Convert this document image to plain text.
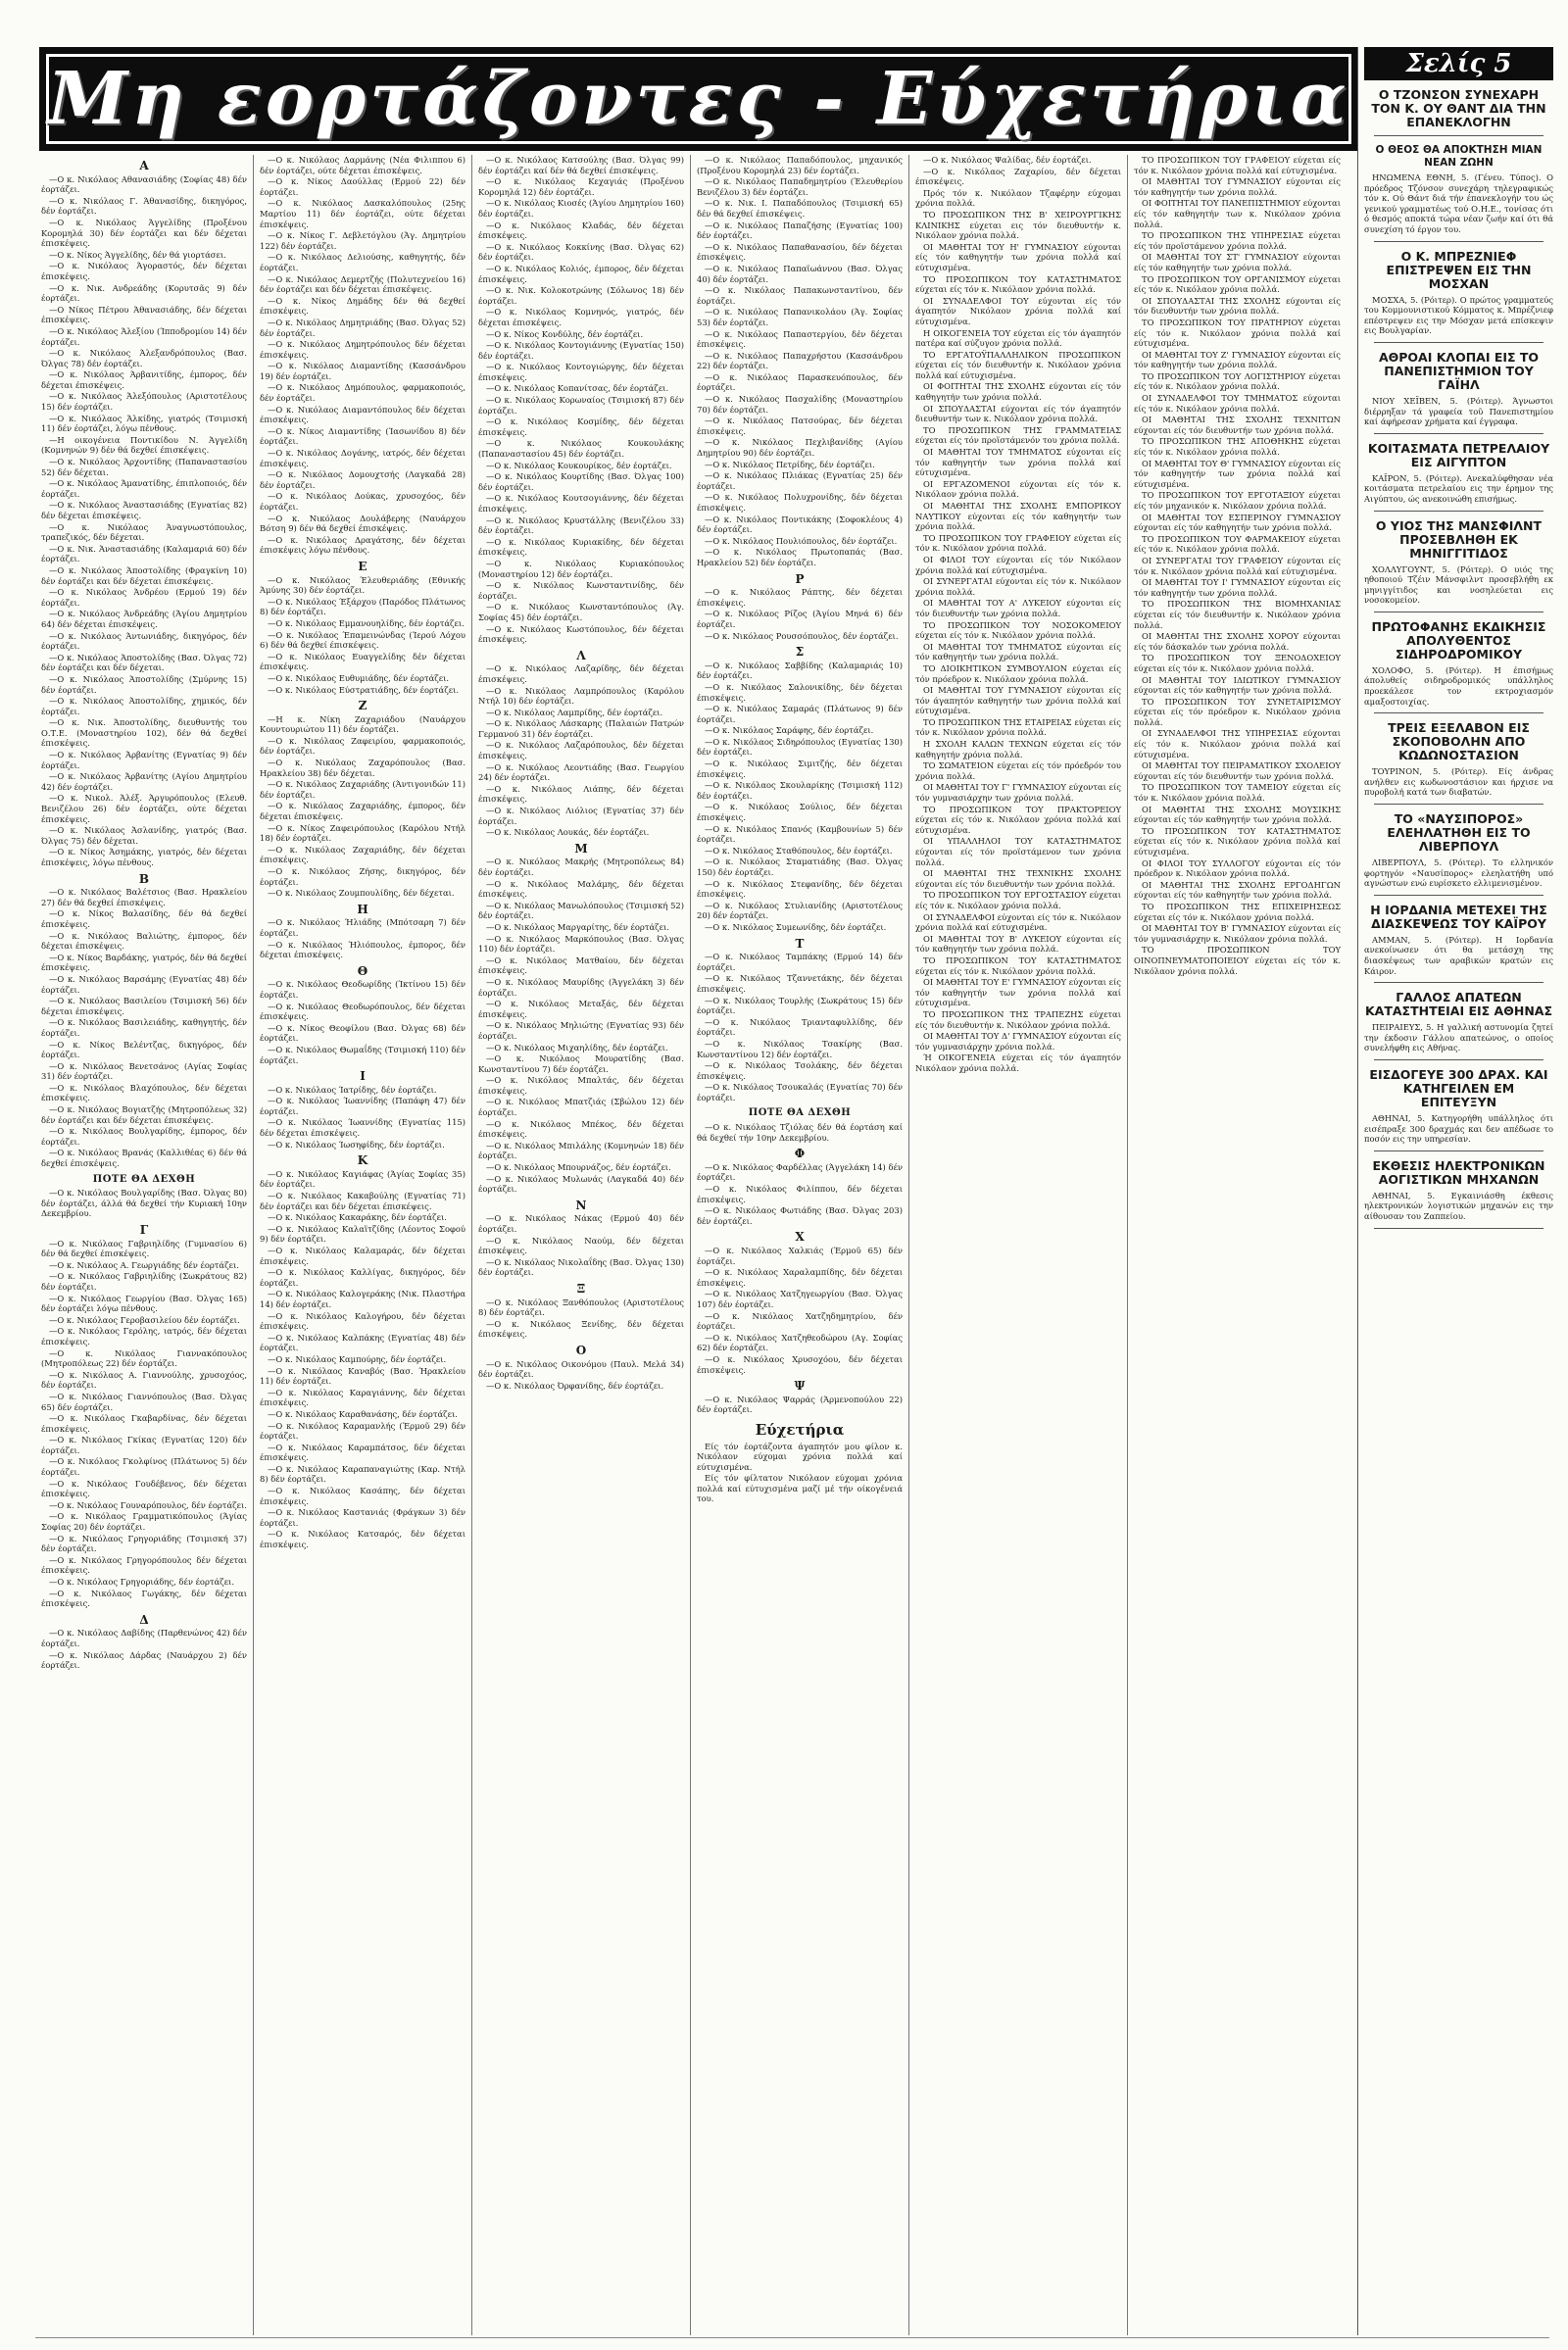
Μη εορτάζοντες - Εύχετήρια
Α
—Ο κ. Νικόλαος Αθανασιάδης (Σοφίας 48) δέν έορτάζει.
—Ο κ. Νικόλαος Γ. Άθανασίδης, δικηγόρος, δέν έορτάζει.
—Ο κ. Νικόλαος Άγγελίδης (Προξένου Κορομηλά 30) δέν έορτάζει και δέν δέχεται έπισκέψεις.
—Ο κ. Νίκος Άγγελίδης, δέν θά γιορτάσει.
—Ο κ. Νικόλαος Άγοραστός, δέν δέχεται έπισκέψεις.
—Ο κ. Νικ. Ανδρεάδης (Κορυτσᾶς 9) δέν έορτάζει.
—Ο Νίκος Πέτρου Άθανασιάδης, δέν δέχεται έπισκέψεις.
—Ο κ. Νικόλαος Άλεξίου (Ίπποδρομίου 14) δέν έορτάζει.
—Ο κ. Νικόλαος Άλεξανδρόπουλος (Βασ. Όλγας 78) δέν έορτάζει.
—Ο κ. Νικόλαος Άρβανιτίδης, έμπορος, δέν δέχεται έπισκέψεις.
—Ο κ. Νικόλαος Άλεξόπουλος (Αριστοτέλους 15) δέν έορτάζει.
—Ο κ. Νικόλαος Άλκίδης, γιατρός (Τσιμισκή 11) δέν έορτάζει, λόγω πένθους.
—Η οικογένεια Ποντικίδου Ν. Άγγελίδη (Κομνηνών 9) δέν θά δεχθεί έπισκέψεις.
—Ο κ. Νικόλαος Άρχοντίδης (Παπαναστασίου 52) δέν δέχεται.
—Ο κ. Νικόλαος Άμανατίδης, έπιπλοποιός, δέν έορτάζει.
—Ο κ. Νικόλαος Άναστασιάδης (Εγνατίας 82) δέν δέχεται έπισκέψεις.
—Ο κ. Νικόλαος Άναγνωστόπουλος, τραπεζικός, δέν δέχεται.
—Ο κ. Νικ. Άναστασιάδης (Καλαμαριά 60) δέν έορτάζει.
—Ο κ. Νικόλαος Άποστολίδης (Φραγκίνη 10) δέν έορτάζει και δέν δέχεται έπισκέψεις.
—Ο κ. Νικόλαος Άνδρέου (Ερμού 19) δέν έορτάζει.
—Ο κ. Νικόλαος Άνδρεάδης (Άγίου Δημητρίου 64) δέν δέχεται έπισκέψεις.
—Ο κ. Νικόλαος Άντωνιάδης, δικηγόρος, δέν έορτάζει.
—Ο κ. Νικόλαος Άποστολίδης (Βασ. Όλγας 72) δέν έορτάζει και δέν δέχεται.
—Ο κ. Νικόλαος Άποστολίδης (Σμύρνης 15) δέν έορτάζει.
—Ο κ. Νικόλαος Άποστολίδης, χημικός, δέν έορτάζει.
—Ο κ. Νικ. Άποστολίδης, διευθυντής του Ο.Τ.Ε. (Μοναστηρίου 102), δέν θά δεχθεί έπισκέψεις.
—Ο κ. Νικόλαος Άρβανίτης (Εγνατίας 9) δέν έορτάζει.
—Ο κ. Νικόλαος Άρβανίτης (Αγίου Δημητρίου 42) δέν έορτάζει.
—Ο κ. Νικολ. Άλέξ. Άργυρόπουλος (Ελευθ. Βενιζέλου 26) δέν έορτάζει, ούτε δέχεται έπισκέψεις.
—Ο κ. Νικόλαος Άσλανίδης, γιατρός (Βασ. Όλγας 75) δέν δέχεται.
—Ο κ. Νίκος Άσημάκης, γιατρός, δέν δέχεται έπισκέψεις, λόγω πένθους.
Β
—Ο κ. Νικόλαος Βαλέτσιος (Βασ. Ηρακλείου 27) δέν θά δεχθεί έπισκέψεις.
—Ο κ. Νίκος Βαλασίδης, δέν θά δεχθεί έπισκέψεις.
—Ο κ. Νικόλαος Βαλιώτης, έμπορος, δέν δέχεται έπισκέψεις.
—Ο κ. Νίκος Βαρδάκης, γιατρός, δέν θά δεχθεί έπισκέψεις.
—Ο κ. Νικόλαος Βαρσάμης (Εγνατίας 48) δέν έορτάζει.
—Ο κ. Νικόλαος Βασιλείου (Τσιμισκή 56) δέν δέχεται έπισκέψεις.
—Ο κ. Νικόλαος Βασιλειάδης, καθηγητής, δέν έορτάζει.
—Ο κ. Νίκος Βελέντζας, δικηγόρος, δέν έορτάζει.
—Ο κ. Νικόλαος Βενετσάνος (Αγίας Σοφίας 31) δέν έορτάζει.
—Ο κ. Νικόλαος Βλαχόπουλος, δέν δέχεται έπισκέψεις.
—Ο κ. Νικόλαος Βογιατζής (Μητροπόλεως 32) δέν έορτάζει και δέν δέχεται έπισκέψεις.
—Ο κ. Νικόλαος Βουλγαρίδης, έμπορος, δέν έορτάζει.
—Ο κ. Νικόλαος Βρανάς (Καλλιθέας 6) δέν θά δεχθεί έπισκέψεις.
ΠΟΤΕ ΘΑ ΔΕΧΘΗ
—Ο κ. Νικόλαος Βουλγαρίδης (Βασ. Όλγας 80) δέν έορτάζει, άλλά θά δεχθεί τήν Κυριακή 10ην Δεκεμβρίου.
Γ
—Ο κ. Νικόλαος Γαβριηλίδης (Γυμνασίου 6) δέν θά δεχθεί έπισκέψεις.
—Ο κ. Νικόλαος Α. Γεωργιάδης δέν έορτάζει.
—Ο κ. Νικόλαος Γαβριηλίδης (Σωκράτους 82) δέν έορτάζει.
—Ο κ. Νικόλαος Γεωργίου (Βασ. Όλγας 165) δέν έορτάζει λόγω πένθους.
—Ο κ. Νικόλαος Γεροβασιλείου δέν έορτάζει.
—Ο κ. Νικόλαος Γερόλης, ιατρός, δέν δέχεται έπισκέψεις.
—Ο κ. Νικόλαος Γιαννακόπουλος (Μητροπόλεως 22) δέν έορτάζει.
—Ο κ. Νικόλαος Α. Γιαννούλης, χρυσοχόος, δέν έορτάζει.
—Ο κ. Νικόλαος Γιαννόπουλος (Βασ. Όλγας 65) δέν έορτάζει.
—Ο κ. Νικόλαος Γκαβαρδίνας, δέν δέχεται έπισκέψεις.
—Ο κ. Νικόλαος Γκίκας (Εγνατίας 120) δέν έορτάζει.
—Ο κ. Νικόλαος Γκολφίνος (Πλάτωνος 5) δέν έορτάζει.
—Ο κ. Νικόλαος Γουδέβενος, δέν δέχεται έπισκέψεις.
—Ο κ. Νικόλαος Γουναρόπουλος, δέν έορτάζει.
—Ο κ. Νικόλαος Γραμματικόπουλος (Άγίας Σοφίας 20) δέν έορτάζει.
—Ο κ. Νικόλαος Γρηγοριάδης (Τσιμισκή 37) δέν έορτάζει.
—Ο κ. Νικόλαος Γρηγορόπουλος δέν δέχεται έπισκέψεις.
—Ο κ. Νικόλαος Γρηγοριάδης, δέν έορτάζει.
—Ο κ. Νικόλαος Γωγάκης, δέν δέχεται έπισκέψεις.
Δ
—Ο κ. Νικόλαος Δαβίδης (Παρθενώνος 42) δέν έορτάζει.
—Ο κ. Νικόλαος Δάρδας (Ναυάρχου 2) δέν έορτάζει.
—Ο κ. Νικόλαος Δαρμάνης (Νέα Φιλιππου 6) δέν έορτάζει, ούτε δέχεται έπισκέψεις.
—Ο κ. Νίκος Δαούλλας (Ερμού 22) δέν έορτάζει.
—Ο κ. Νικόλαος Δασκαλόπουλος (25ης Μαρτίου 11) δέν έορτάζει, ούτε δέχεται έπισκέψεις.
—Ο κ. Νίκος Γ. Δεβλετόγλου (Άγ. Δημητρίου 122) δέν έορτάζει.
—Ο κ. Νικόλαος Δελιούσης, καθηγητής, δέν έορτάζει.
—Ο κ. Νικόλαος Δεμερτζής (Πολυτεχνείου 16) δέν έορτάζει και δέν δέχεται έπισκέψεις.
—Ο κ. Νίκος Δημάδης δέν θά δεχθεί έπισκέψεις.
—Ο κ. Νικόλαος Δημητριάδης (Βασ. Όλγας 52) δέν έορτάζει.
—Ο κ. Νικόλαος Δημητρόπουλος δέν δέχεται έπισκέψεις.
—Ο κ. Νικόλαος Διαμαντίδης (Κασσάνδρου 19) δέν έορτάζει.
—Ο κ. Νικόλαος Δημόπουλος, φαρμακοποιός, δέν έορτάζει.
—Ο κ. Νικόλαος Διαμαντόπουλος δέν δέχεται έπισκέψεις.
—Ο κ. Νίκος Διαμαντίδης (Ίασωνίδου 8) δέν έορτάζει.
—Ο κ. Νικόλαος Δογάνης, ιατρός, δέν δέχεται έπισκέψεις.
—Ο κ. Νικόλαος Δομουχτσής (Λαγκαδά 28) δέν έορτάζει.
—Ο κ. Νικόλαος Δούκας, χρυσοχόος, δέν έορτάζει.
—Ο κ. Νικόλαος Δουλάβερης (Ναυάρχου Βότση 9) δέν θά δεχθεί έπισκέψεις.
—Ο κ. Νικόλαος Δραγάτσης, δέν δέχεται έπισκέψεις λόγω πένθους.
Ε
—Ο κ. Νικόλαος Έλευθεριάδης (Εθνικής Άμύνης 30) δέν έορτάζει.
—Ο κ. Νικόλαος Έξάρχου (Παρόδος Πλάτωνος 8) δέν έορτάζει.
—Ο κ. Νικόλαος Εμμανουηλίδης, δέν έορτάζει.
—Ο κ. Νικόλαος Έπαμεινώνδας (Ίερού Λόχου 6) δέν θά δεχθεί έπισκέψεις.
—Ο κ. Νικόλαος Ευαγγελίδης δέν δέχεται έπισκέψεις.
—Ο κ. Νικόλαος Ευθυμιάδης, δέν έορτάζει.
—Ο κ. Νικόλαος Εύστρατιάδης, δέν έορτάζει.
Ζ
—Η κ. Νίκη Ζαχαριάδου (Ναυάρχου Κουντουριώτου 11) δέν έορτάζει.
—Ο κ. Νικόλαος Ζαφειρίου, φαρμακοποιός, δέν έορτάζει.
—Ο κ. Νικόλαος Ζαχαρόπουλος (Βασ. Ηρακλείου 38) δέν δέχεται.
—Ο κ. Νικόλαος Ζαχαριάδης (Άντιγονιδών 11) δέν έορτάζει.
—Ο κ. Νικόλαος Ζαχαριάδης, έμπορος, δέν δέχεται έπισκέψεις.
—Ο κ. Νίκος Ζαφειρόπουλος (Καρόλου Ντήλ 18) δέν έορτάζει.
—Ο κ. Νικόλαος Ζαχαριάδης, δέν δέχεται έπισκέψεις.
—Ο κ. Νικόλαος Ζήσης, δικηγόρος, δέν έορτάζει.
—Ο κ. Νικόλαος Ζουμπουλίδης, δέν δέχεται.
Η
—Ο κ. Νικόλαος Ήλιάδης (Μπότσαρη 7) δέν έορτάζει.
—Ο κ. Νικόλαος Ήλιόπουλος, έμπορος, δέν δέχεται έπισκέψεις.
Θ
—Ο κ. Νικόλαος Θεοδωρίδης (Ίκτίνου 15) δέν έορτάζει.
—Ο κ. Νικόλαος Θεοδωρόπουλος, δέν δέχεται έπισκέψεις.
—Ο κ. Νίκος Θεοφίλου (Βασ. Όλγας 68) δέν έορτάζει.
—Ο κ. Νικόλαος Θωμαΐδης (Τσιμισκή 110) δέν έορτάζει.
Ι
—Ο κ. Νικόλαος Ίατρίδης, δέν έορτάζει.
—Ο κ. Νικόλαος Ίωαννίδης (Παπάφη 47) δέν έορτάζει.
—Ο κ. Νικόλαος Ίωαννίδης (Εγνατίας 115) δέν δέχεται έπισκέψεις.
—Ο κ. Νικόλαος Ίωσηφίδης, δέν έορτάζει.
Κ
—Ο κ. Νικόλαος Καγιάφας (Άγίας Σοφίας 35) δέν έορτάζει.
—Ο κ. Νικόλαος Κακαβούλης (Εγνατίας 71) δέν έορτάζει και δέν δέχεται έπισκέψεις.
—Ο κ. Νικόλαος Κακαράκης, δέν έορτάζει.
—Ο κ. Νικόλαος Καλαϊτζίδης (Λέοντος Σοφού 9) δέν έορτάζει.
—Ο κ. Νικόλαος Καλαμαράς, δέν δέχεται έπισκέψεις.
—Ο κ. Νικόλαος Καλλίγας, δικηγόρος, δέν έορτάζει.
—Ο κ. Νικόλαος Καλογεράκης (Νικ. Πλαστήρα 14) δέν έορτάζει.
—Ο κ. Νικόλαος Καλογήρου, δέν δέχεται έπισκέψεις.
—Ο κ. Νικόλαος Καλπάκης (Εγνατίας 48) δέν έορτάζει.
—Ο κ. Νικόλαος Καμπούρης, δέν έορτάζει.
—Ο κ. Νικόλαος Καναβός (Βασ. Ήρακλείου 11) δέν έορτάζει.
—Ο κ. Νικόλαος Καραγιάννης, δέν δέχεται έπισκέψεις.
—Ο κ. Νικόλαος Καραθανάσης, δέν έορτάζει.
—Ο κ. Νικόλαος Καραμανλής (Έρμοῦ 29) δέν έορτάζει.
—Ο κ. Νικόλαος Καραμπάτσος, δέν δέχεται έπισκέψεις.
—Ο κ. Νικόλαος Καραπαναγιώτης (Καρ. Ντήλ 8) δέν έορτάζει.
—Ο κ. Νικόλαος Κασάπης, δέν δέχεται έπισκέψεις.
—Ο κ. Νικόλαος Καστανιάς (Φράγκων 3) δέν έορτάζει.
—Ο κ. Νικόλαος Κατσαρός, δέν δέχεται έπισκέψεις.
—Ο κ. Νικόλαος Κατσούλης (Βασ. Όλγας 99) δέν έορτάζει καί δέν θά δεχθεί έπισκέψεις.
—Ο κ. Νικόλαος Κεχαγιάς (Προξένου Κορομηλά 12) δέν έορτάζει.
—Ο κ. Νικόλαος Κιοσές (Άγίου Δημητρίου 160) δέν έορτάζει.
—Ο κ. Νικόλαος Κλαδάς, δέν δέχεται έπισκέψεις.
—Ο κ. Νικόλαος Κοκκίνης (Βασ. Όλγας 62) δέν έορτάζει.
—Ο κ. Νικόλαος Κολιός, έμπορος, δέν δέχεται έπισκέψεις.
—Ο κ. Νικ. Κολοκοτρώνης (Σόλωνος 18) δέν έορτάζει.
—Ο κ. Νικόλαος Κομνηνός, γιατρός, δέν δέχεται έπισκέψεις.
—Ο κ. Νίκος Κονδύλης, δέν έορτάζει.
—Ο κ. Νικόλαος Κοντογιάννης (Εγνατίας 150) δέν έορτάζει.
—Ο κ. Νικόλαος Κοντογιώργης, δέν δέχεται έπισκέψεις.
—Ο κ. Νικόλαος Κοπανίτσας, δέν έορτάζει.
—Ο κ. Νικόλαος Κορωναίος (Τσιμισκή 87) δέν έορτάζει.
—Ο κ. Νικόλαος Κοσμίδης, δέν δέχεται έπισκέψεις.
—Ο κ. Νικόλαος Κουκουλάκης (Παπαναστασίου 45) δέν έορτάζει.
—Ο κ. Νικόλαος Κουκουρίκος, δέν έορτάζει.
—Ο κ. Νικόλαος Κουρτίδης (Βασ. Όλγας 100) δέν έορτάζει.
—Ο κ. Νικόλαος Κουτσογιάννης, δέν δέχεται έπισκέψεις.
—Ο κ. Νικόλαος Κρυστάλλης (Βενιζέλου 33) δέν έορτάζει.
—Ο κ. Νικόλαος Κυριακίδης, δέν δέχεται έπισκέψεις.
—Ο κ. Νικόλαος Κυριακόπουλος (Μοναστηρίου 12) δέν έορτάζει.
—Ο κ. Νικόλαος Κωνσταντινίδης, δέν έορτάζει.
—Ο κ. Νικόλαος Κωνσταντόπουλος (Άγ. Σοφίας 45) δέν έορτάζει.
—Ο κ. Νικόλαος Κωστόπουλος, δέν δέχεται έπισκέψεις.
Λ
—Ο κ. Νικόλαος Λαζαρίδης, δέν δέχεται έπισκέψεις.
—Ο κ. Νικόλαος Λαμπρόπουλος (Καρόλου Ντήλ 10) δέν έορτάζει.
—Ο κ. Νικόλαος Λαμπρίδης, δέν έορτάζει.
—Ο κ. Νικόλαος Λάσκαρης (Παλαιών Πατρών Γερμανού 31) δέν έορτάζει.
—Ο κ. Νικόλαος Λαζαρόπουλος, δέν δέχεται έπισκέψεις.
—Ο κ. Νικόλαος Λεοντιάδης (Βασ. Γεωργίου 24) δέν έορτάζει.
—Ο κ. Νικόλαος Λιάπης, δέν δέχεται έπισκέψεις.
—Ο κ. Νικόλαος Λιόλιος (Εγνατίας 37) δέν έορτάζει.
—Ο κ. Νικόλαος Λουκάς, δέν έορτάζει.
Μ
—Ο κ. Νικόλαος Μακρής (Μητροπόλεως 84) δέν έορτάζει.
—Ο κ. Νικόλαος Μαλάμης, δέν δέχεται έπισκέψεις.
—Ο κ. Νικόλαος Μανωλόπουλος (Τσιμισκή 52) δέν έορτάζει.
—Ο κ. Νικόλαος Μαργαρίτης, δέν έορτάζει.
—Ο κ. Νικόλαος Μαρκόπουλος (Βασ. Όλγας 110) δέν έορτάζει.
—Ο κ. Νικόλαος Ματθαίου, δέν δέχεται έπισκέψεις.
—Ο κ. Νικόλαος Μαυρίδης (Άγγελάκη 3) δέν έορτάζει.
—Ο κ. Νικόλαος Μεταξάς, δέν δέχεται έπισκέψεις.
—Ο κ. Νικόλαος Μηλιώτης (Εγνατίας 93) δέν έορτάζει.
—Ο κ. Νικόλαος Μιχαηλίδης, δέν έορτάζει.
—Ο κ. Νικόλαος Μουρατίδης (Βασ. Κωνσταντίνου 7) δέν έορτάζει.
—Ο κ. Νικόλαος Μπαλτάς, δέν δέχεται έπισκέψεις.
—Ο κ. Νικόλαος Μπατζιάς (Σβώλου 12) δέν έορτάζει.
—Ο κ. Νικόλαος Μπέκος, δέν δέχεται έπισκέψεις.
—Ο κ. Νικόλαος Μπιλάλης (Κομνηνών 18) δέν έορτάζει.
—Ο κ. Νικόλαος Μπουρνάζος, δέν έορτάζει.
—Ο κ. Νικόλαος Μυλωνάς (Λαγκαδά 40) δέν έορτάζει.
Ν
—Ο κ. Νικόλαος Νάκας (Ερμού 40) δέν έορτάζει.
—Ο κ. Νικόλαος Ναούμ, δέν δέχεται έπισκέψεις.
—Ο κ. Νικόλαος Νικολαΐδης (Βασ. Όλγας 130) δέν έορτάζει.
Ξ
—Ο κ. Νικόλαος Ξανθόπουλος (Αριστοτέλους 8) δέν έορτάζει.
—Ο κ. Νικόλαος Ξενίδης, δέν δέχεται έπισκέψεις.
Ο
—Ο κ. Νικόλαος Οικονόμου (Παυλ. Μελά 34) δέν έορτάζει.
—Ο κ. Νικόλαος Όρφανίδης, δέν έορτάζει.
—Ο κ. Νικόλαος Παπαδόπουλος, μηχανικός (Προξένου Κορομηλά 23) δέν έορτάζει.
—Ο κ. Νικόλαος Παπαδημητρίου (Έλευθερίου Βενιζέλου 3) δέν έορτάζει.
—Ο κ. Νικ. Ι. Παπαδόπουλος (Τσιμισκή 65) δέν θά δεχθεί έπισκέψεις.
—Ο κ. Νικόλαος Παπαζήσης (Εγνατίας 100) δέν έορτάζει.
—Ο κ. Νικόλαος Παπαθανασίου, δέν δέχεται έπισκέψεις.
—Ο κ. Νικόλαος Παπαϊωάννου (Βασ. Όλγας 40) δέν έορτάζει.
—Ο κ. Νικόλαος Παπακωνσταντίνου, δέν έορτάζει.
—Ο κ. Νικόλαος Παπανικολάου (Άγ. Σοφίας 53) δέν έορτάζει.
—Ο κ. Νικόλαος Παπαστεργίου, δέν δέχεται έπισκέψεις.
—Ο κ. Νικόλαος Παπαχρήστου (Κασσάνδρου 22) δέν έορτάζει.
—Ο κ. Νικόλαος Παρασκευόπουλος, δέν έορτάζει.
—Ο κ. Νικόλαος Πασχαλίδης (Μοναστηρίου 70) δέν έορτάζει.
—Ο κ. Νικόλαος Πατσούρας, δέν δέχεται έπισκέψεις.
—Ο κ. Νικόλαος Πεχλιβανίδης (Αγίου Δημητρίου 90) δέν έορτάζει.
—Ο κ. Νικόλαος Πετρίδης, δέν έορτάζει.
—Ο κ. Νικόλαος Πλιάκας (Εγνατίας 25) δέν έορτάζει.
—Ο κ. Νικόλαος Πολυχρονίδης, δέν δέχεται έπισκέψεις.
—Ο κ. Νικόλαος Ποντικάκης (Σοφοκλέους 4) δέν έορτάζει.
—Ο κ. Νικόλαος Πουλιόπουλος, δέν έορτάζει.
—Ο κ. Νικόλαος Πρωτοπαπάς (Βασ. Ηρακλείου 52) δέν έορτάζει.
Ρ
—Ο κ. Νικόλαος Ράπτης, δέν δέχεται έπισκέψεις.
—Ο κ. Νικόλαος Ρίζος (Άγίου Μηνά 6) δέν έορτάζει.
—Ο κ. Νικόλαος Ρουσσόπουλος, δέν έορτάζει.
Σ
—Ο κ. Νικόλαος Σαββίδης (Καλαμαριάς 10) δέν έορτάζει.
—Ο κ. Νικόλαος Σαλονικίδης, δέν δέχεται έπισκέψεις.
—Ο κ. Νικόλαος Σαμαράς (Πλάτωνος 9) δέν έορτάζει.
—Ο κ. Νικόλαος Σαράφης, δέν έορτάζει.
—Ο κ. Νικόλαος Σιδηρόπουλος (Εγνατίας 130) δέν έορτάζει.
—Ο κ. Νικόλαος Σιμιτζής, δέν δέχεται έπισκέψεις.
—Ο κ. Νικόλαος Σκουλαρίκης (Τσιμισκή 112) δέν έορτάζει.
—Ο κ. Νικόλαος Σούλιος, δέν δέχεται έπισκέψεις.
—Ο κ. Νικόλαος Σπανός (Καμβουνίων 5) δέν έορτάζει.
—Ο κ. Νικόλαος Σταθόπουλος, δέν έορτάζει.
—Ο κ. Νικόλαος Σταματιάδης (Βασ. Όλγας 150) δέν έορτάζει.
—Ο κ. Νικόλαος Στεφανίδης, δέν δέχεται έπισκέψεις.
—Ο κ. Νικόλαος Στυλιανίδης (Αριστοτέλους 20) δέν έορτάζει.
—Ο κ. Νικόλαος Συμεωνίδης, δέν έορτάζει.
Τ
—Ο κ. Νικόλαος Ταμπάκης (Ερμού 14) δέν έορτάζει.
—Ο κ. Νικόλαος Τζαννετάκης, δέν δέχεται έπισκέψεις.
—Ο κ. Νικόλαος Τουρλής (Σωκράτους 15) δέν έορτάζει.
—Ο κ. Νικόλαος Τριανταφυλλίδης, δέν έορτάζει.
—Ο κ. Νικόλαος Τσακίρης (Βασ. Κωνσταντίνου 12) δέν έορτάζει.
—Ο κ. Νικόλαος Τσολάκης, δέν δέχεται έπισκέψεις.
—Ο κ. Νικόλαος Τσουκαλάς (Εγνατίας 70) δέν έορτάζει.
ΠΟΤΕ ΘΑ ΔΕΧΘΗ
—Ο κ. Νικόλαος Τζιόλας δέν θά έορτάση καί θά δεχθεί τήν 10ην Δεκεμβρίου.
Φ
—Ο κ. Νικόλαος Φαρδέλλας (Άγγελάκη 14) δέν έορτάζει.
—Ο κ. Νικόλαος Φιλίππου, δέν δέχεται έπισκέψεις.
—Ο κ. Νικόλαος Φωτιάδης (Βασ. Όλγας 203) δέν έορτάζει.
Χ
—Ο κ. Νικόλαος Χαλκιάς (Έρμοῦ 65) δέν έορτάζει.
—Ο κ. Νικόλαος Χαραλαμπίδης, δέν δέχεται έπισκέψεις.
—Ο κ. Νικόλαος Χατζηγεωργίου (Βασ. Όλγας 107) δέν έορτάζει.
—Ο κ. Νικόλαος Χατζηδημητρίου, δέν έορτάζει.
—Ο κ. Νικόλαος Χατζηθεοδώρου (Αγ. Σοφίας 62) δέν έορτάζει.
—Ο κ. Νικόλαος Χρυσοχόου, δέν δέχεται έπισκέψεις.
Ψ
—Ο κ. Νικόλαος Ψαρράς (Άρμενοπούλου 22) δέν έορτάζει.
Εύχετήρια
Είς τόν έορτάζοντα άγαπητόν μου φίλον κ. Νικόλαον εύχομαι χρόνια πολλά καί εύτυχισμένα.
Είς τόν φίλτατον Νικόλαον εύχομαι χρόνια πολλά καί εύτυχισμένα μαζί μέ τήν οίκογένειά του.
—Ο κ. Νικόλαος Ψαλίδας, δέν έορτάζει.
—Ο κ. Νικόλαος Ζαχαρίου, δέν δέχεται έπισκέψεις.
Πρός τόν κ. Νικόλαον Τζαφέρην εύχομαι χρόνια πολλά.
ΤΟ ΠΡΟΣΩΠΙΚΟΝ ΤΗΣ Β' ΧΕΙΡΟΥΡΓΙΚΗΣ ΚΛΙΝΙΚΗΣ εύχεται εις τόν διευθυντήν κ. Νικόλαον χρόνια πολλά.
ΟΙ ΜΑΘΗΤΑΙ ΤΟΥ Η' ΓΥΜΝΑΣΙΟΥ εύχονται είς τόν καθηγητήν των χρόνια πολλά καί εύτυχισμένα.
ΤΟ ΠΡΟΣΩΠΙΚΟΝ ΤΟΥ ΚΑΤΑΣΤΗΜΑΤΟΣ εύχεται είς τόν κ. Νικόλαον χρόνια πολλά.
ΟΙ ΣΥΝΑΔΕΛΦΟΙ ΤΟΥ εύχονται είς τόν άγαπητόν Νικόλαον χρόνια πολλά καί εύτυχισμένα.
Η ΟΙΚΟΓΕΝΕΙΑ ΤΟΥ εύχεται είς τόν άγαπητόν πατέρα καί σύζυγον χρόνια πολλά.
ΤΟ ΕΡΓΑΤΟΫΠΑΛΛΗΛΙΚΟΝ ΠΡΟΣΩΠΙΚΟΝ εύχεται είς τόν διευθυντήν κ. Νικόλαον χρόνια πολλά καί εύτυχισμένα.
ΟΙ ΦΟΙΤΗΤΑΙ ΤΗΣ ΣΧΟΛΗΣ εύχονται είς τόν καθηγητήν των χρόνια πολλά.
ΟΙ ΣΠΟΥΔΑΣΤΑΙ εύχονται είς τόν άγαπητόν διευθυντήν των κ. Νικόλαον χρόνια πολλά.
ΤΟ ΠΡΟΣΩΠΙΚΟΝ ΤΗΣ ΓΡΑΜΜΑΤΕΙΑΣ εύχεται είς τόν προϊστάμενόν του χρόνια πολλά.
ΟΙ ΜΑΘΗΤΑΙ ΤΟΥ ΤΜΗΜΑΤΟΣ εύχονται είς τόν καθηγητήν των χρόνια πολλά καί εύτυχισμένα.
ΟΙ ΕΡΓΑΖΟΜΕΝΟΙ εύχονται είς τόν κ. Νικόλαον χρόνια πολλά.
ΟΙ ΜΑΘΗΤΑΙ ΤΗΣ ΣΧΟΛΗΣ ΕΜΠΟΡΙΚΟΥ ΝΑΥΤΙΚΟΥ εύχονται είς τόν καθηγητήν των χρόνια πολλά.
ΤΟ ΠΡΟΣΩΠΙΚΟΝ ΤΟΥ ΓΡΑΦΕΙΟΥ εύχεται είς τόν κ. Νικόλαον χρόνια πολλά.
ΟΙ ΦΙΛΟΙ ΤΟΥ εύχονται είς τόν Νικόλαον χρόνια πολλά καί εύτυχισμένα.
ΟΙ ΣΥΝΕΡΓΑΤΑΙ εύχονται είς τόν κ. Νικόλαον χρόνια πολλά.
ΟΙ ΜΑΘΗΤΑΙ ΤΟΥ Α' ΛΥΚΕΙΟΥ εύχονται είς τόν διευθυντήν των χρόνια πολλά.
ΤΟ ΠΡΟΣΩΠΙΚΟΝ ΤΟΥ ΝΟΣΟΚΟΜΕΙΟΥ εύχεται είς τόν κ. Νικόλαον χρόνια πολλά.
ΟΙ ΜΑΘΗΤΑΙ ΤΟΥ ΤΜΗΜΑΤΟΣ εύχονται είς τόν καθηγητήν των χρόνια πολλά.
ΤΟ ΔΙΟΙΚΗΤΙΚΟΝ ΣΥΜΒΟΥΛΙΟΝ εύχεται είς τόν πρόεδρον κ. Νικόλαον χρόνια πολλά.
ΟΙ ΜΑΘΗΤΑΙ ΤΟΥ ΓΥΜΝΑΣΙΟΥ εύχονται είς τόν άγαπητόν καθηγητήν των χρόνια πολλά καί εύτυχισμένα.
ΤΟ ΠΡΟΣΩΠΙΚΟΝ ΤΗΣ ΕΤΑΙΡΕΙΑΣ εύχεται είς τόν κ. Νικόλαον χρόνια πολλά.
Η ΣΧΟΛΗ ΚΑΛΩΝ ΤΕΧΝΩΝ εύχεται είς τόν καθηγητήν χρόνια πολλά.
ΤΟ ΣΩΜΑΤΕΙΟΝ εύχεται είς τόν πρόεδρόν του χρόνια πολλά.
ΟΙ ΜΑΘΗΤΑΙ ΤΟΥ Γ' ΓΥΜΝΑΣΙΟΥ εύχονται είς τόν γυμνασιάρχην των χρόνια πολλά.
ΤΟ ΠΡΟΣΩΠΙΚΟΝ ΤΟΥ ΠΡΑΚΤΟΡΕΙΟΥ εύχεται είς τόν κ. Νικόλαον χρόνια πολλά καί εύτυχισμένα.
ΟΙ ΥΠΑΛΛΗΛΟΙ ΤΟΥ ΚΑΤΑΣΤΗΜΑΤΟΣ εύχονται είς τόν προϊστάμενον των χρόνια πολλά.
ΟΙ ΜΑΘΗΤΑΙ ΤΗΣ ΤΕΧΝΙΚΗΣ ΣΧΟΛΗΣ εύχονται είς τόν διευθυντήν των χρόνια πολλά.
ΤΟ ΠΡΟΣΩΠΙΚΟΝ ΤΟΥ ΕΡΓΟΣΤΑΣΙΟΥ εύχεται είς τόν κ. Νικόλαον χρόνια πολλά.
ΟΙ ΣΥΝΑΔΕΛΦΟΙ εύχονται είς τόν κ. Νικόλαον χρόνια πολλά καί εύτυχισμένα.
ΟΙ ΜΑΘΗΤΑΙ ΤΟΥ Β' ΛΥΚΕΙΟΥ εύχονται είς τόν καθηγητήν των χρόνια πολλά.
ΤΟ ΠΡΟΣΩΠΙΚΟΝ ΤΟΥ ΚΑΤΑΣΤΗΜΑΤΟΣ εύχεται είς τόν κ. Νικόλαον χρόνια πολλά.
ΟΙ ΜΑΘΗΤΑΙ ΤΟΥ Ε' ΓΥΜΝΑΣΙΟΥ εύχονται είς τόν καθηγητήν των χρόνια πολλά καί εύτυχισμένα.
ΤΟ ΠΡΟΣΩΠΙΚΟΝ ΤΗΣ ΤΡΑΠΕΖΗΣ εύχεται είς τόν διευθυντήν κ. Νικόλαον χρόνια πολλά.
ΟΙ ΜΑΘΗΤΑΙ ΤΟΥ Δ' ΓΥΜΝΑΣΙΟΥ εύχονται είς τόν γυμνασιάρχην χρόνια πολλά.
Ή ΟΙΚΟΓΕΝΕΙΑ εύχεται είς τόν άγαπητόν Νικόλαον χρόνια πολλά.
ΤΟ ΠΡΟΣΩΠΙΚΟΝ ΤΟΥ ΓΡΑΦΕΙΟΥ εύχεται είς τόν κ. Νικόλαον χρόνια πολλά καί εύτυχισμένα.
ΟΙ ΜΑΘΗΤΑΙ ΤΟΥ ΓΥΜΝΑΣΙΟΥ εύχονται είς τόν καθηγητήν των χρόνια πολλά.
ΟΙ ΦΟΙΤΗΤΑΙ ΤΟΥ ΠΑΝΕΠΙΣΤΗΜΙΟΥ εύχονται είς τόν καθηγητήν των κ. Νικόλαον χρόνια πολλά.
ΤΟ ΠΡΟΣΩΠΙΚΟΝ ΤΗΣ ΥΠΗΡΕΣΙΑΣ εύχεται είς τόν προϊστάμενον χρόνια πολλά.
ΟΙ ΜΑΘΗΤΑΙ ΤΟΥ ΣΤ' ΓΥΜΝΑΣΙΟΥ εύχονται είς τόν καθηγητήν των χρόνια πολλά.
ΤΟ ΠΡΟΣΩΠΙΚΟΝ ΤΟΥ ΟΡΓΑΝΙΣΜΟΥ εύχεται είς τόν κ. Νικόλαον χρόνια πολλά.
ΟΙ ΣΠΟΥΔΑΣΤΑΙ ΤΗΣ ΣΧΟΛΗΣ εύχονται είς τόν διευθυντήν των χρόνια πολλά.
ΤΟ ΠΡΟΣΩΠΙΚΟΝ ΤΟΥ ΠΡΑΤΗΡΙΟΥ εύχεται είς τόν κ. Νικόλαον χρόνια πολλά καί εύτυχισμένα.
ΟΙ ΜΑΘΗΤΑΙ ΤΟΥ Ζ' ΓΥΜΝΑΣΙΟΥ εύχονται είς τόν καθηγητήν των χρόνια πολλά.
ΤΟ ΠΡΟΣΩΠΙΚΟΝ ΤΟΥ ΛΟΓΙΣΤΗΡΙΟΥ εύχεται είς τόν κ. Νικόλαον χρόνια πολλά.
ΟΙ ΣΥΝΑΔΕΛΦΟΙ ΤΟΥ ΤΜΗΜΑΤΟΣ εύχονται είς τόν κ. Νικόλαον χρόνια πολλά.
ΟΙ ΜΑΘΗΤΑΙ ΤΗΣ ΣΧΟΛΗΣ ΤΕΧΝΙΤΩΝ εύχονται είς τόν διευθυντήν των χρόνια πολλά.
ΤΟ ΠΡΟΣΩΠΙΚΟΝ ΤΗΣ ΑΠΟΘΗΚΗΣ εύχεται είς τόν κ. Νικόλαον χρόνια πολλά.
ΟΙ ΜΑΘΗΤΑΙ ΤΟΥ Θ' ΓΥΜΝΑΣΙΟΥ εύχονται είς τόν καθηγητήν των χρόνια πολλά καί εύτυχισμένα.
ΤΟ ΠΡΟΣΩΠΙΚΟΝ ΤΟΥ ΕΡΓΟΤΑΞΙΟΥ εύχεται είς τόν μηχανικόν κ. Νικόλαον χρόνια πολλά.
ΟΙ ΜΑΘΗΤΑΙ ΤΟΥ ΕΣΠΕΡΙΝΟΥ ΓΥΜΝΑΣΙΟΥ εύχονται είς τόν καθηγητήν των χρόνια πολλά.
ΤΟ ΠΡΟΣΩΠΙΚΟΝ ΤΟΥ ΦΑΡΜΑΚΕΙΟΥ εύχεται είς τόν κ. Νικόλαον χρόνια πολλά.
ΟΙ ΣΥΝΕΡΓΑΤΑΙ ΤΟΥ ΓΡΑΦΕΙΟΥ εύχονται είς τόν κ. Νικόλαον χρόνια πολλά καί εύτυχισμένα.
ΟΙ ΜΑΘΗΤΑΙ ΤΟΥ Ι' ΓΥΜΝΑΣΙΟΥ εύχονται είς τόν καθηγητήν των χρόνια πολλά.
ΤΟ ΠΡΟΣΩΠΙΚΟΝ ΤΗΣ ΒΙΟΜΗΧΑΝΙΑΣ εύχεται είς τόν διευθυντήν κ. Νικόλαον χρόνια πολλά.
ΟΙ ΜΑΘΗΤΑΙ ΤΗΣ ΣΧΟΛΗΣ ΧΟΡΟΥ εύχονται είς τόν δάσκαλόν των χρόνια πολλά.
ΤΟ ΠΡΟΣΩΠΙΚΟΝ ΤΟΥ ΞΕΝΟΔΟΧΕΙΟΥ εύχεται είς τόν κ. Νικόλαον χρόνια πολλά.
ΟΙ ΜΑΘΗΤΑΙ ΤΟΥ ΙΔΙΩΤΙΚΟΥ ΓΥΜΝΑΣΙΟΥ εύχονται είς τόν καθηγητήν των χρόνια πολλά.
ΤΟ ΠΡΟΣΩΠΙΚΟΝ ΤΟΥ ΣΥΝΕΤΑΙΡΙΣΜΟΥ εύχεται είς τόν πρόεδρον κ. Νικόλαον χρόνια πολλά.
ΟΙ ΣΥΝΑΔΕΛΦΟΙ ΤΗΣ ΥΠΗΡΕΣΙΑΣ εύχονται είς τόν κ. Νικόλαον χρόνια πολλά καί εύτυχισμένα.
ΟΙ ΜΑΘΗΤΑΙ ΤΟΥ ΠΕΙΡΑΜΑΤΙΚΟΥ ΣΧΟΛΕΙΟΥ εύχονται είς τόν διευθυντήν των χρόνια πολλά.
ΤΟ ΠΡΟΣΩΠΙΚΟΝ ΤΟΥ ΤΑΜΕΙΟΥ εύχεται είς τόν κ. Νικόλαον χρόνια πολλά.
ΟΙ ΜΑΘΗΤΑΙ ΤΗΣ ΣΧΟΛΗΣ ΜΟΥΣΙΚΗΣ εύχονται είς τόν καθηγητήν των χρόνια πολλά.
ΤΟ ΠΡΟΣΩΠΙΚΟΝ ΤΟΥ ΚΑΤΑΣΤΗΜΑΤΟΣ εύχεται είς τόν κ. Νικόλαον χρόνια πολλά καί εύτυχισμένα.
ΟΙ ΦΙΛΟΙ ΤΟΥ ΣΥΛΛΟΓΟΥ εύχονται είς τόν πρόεδρον κ. Νικόλαον χρόνια πολλά.
ΟΙ ΜΑΘΗΤΑΙ ΤΗΣ ΣΧΟΛΗΣ ΕΡΓΟΔΗΓΩΝ εύχονται είς τόν καθηγητήν των χρόνια πολλά.
ΤΟ ΠΡΟΣΩΠΙΚΟΝ ΤΗΣ ΕΠΙΧΕΙΡΗΣΕΩΣ εύχεται είς τόν κ. Νικόλαον χρόνια πολλά.
ΟΙ ΜΑΘΗΤΑΙ ΤΟΥ Β' ΓΥΜΝΑΣΙΟΥ εύχονται είς τόν γυμνασιάρχην κ. Νικόλαον χρόνια πολλά.
ΤΟ ΠΡΟΣΩΠΙΚΟΝ ΤΟΥ ΟΙΝΟΠΝΕΥΜΑΤΟΠΟΙΕΙΟΥ εύχεται είς τόν κ. Νικόλαον χρόνια πολλά.
Σελίς 5
Ο ΤΖΟΝΣΟΝ ΣΥΝΕΧΑΡΗ ΤΟΝ Κ. ΟΥ ΘΑΝΤ ΔΙΑ ΤΗΝ ΕΠΑΝΕΚΛΟΓΗΝ
Ο ΘΕΟΣ ΘΑ ΑΠΟΚΤΗΣΗ ΜΙΑΝ ΝΕΑΝ ΖΩΗΝ
ΗΝΩΜΕΝΑ ΕΘΝΗ, 5. (Γένευ. Τύπος). Ο πρόεδρος Τζόνσον συνεχάρη τηλεγραφικώς τόν κ. Ού Θάντ διά τήν έπανεκλογήν του ώς γενικού γραμματέως τού Ο.Η.Ε., τονίσας ότι ό θεσμός αποκτά τώρα νέαν ζωήν καί ότι θά συνεχίση τό έργον του.
Ο Κ. ΜΠΡΕΖΝΙΕΦ ΕΠΙΣΤΡΕΨΕΝ ΕΙΣ ΤΗΝ ΜΟΣΧΑΝ
ΜΟΣΧΑ, 5. (Ρόιτερ). Ο πρώτος γραμματεύς του Κομμουνιστικού Κόμματος κ. Μπρέζνιεφ επέστρεψεν εις την Μόσχαν μετά επίσκεψιν εις Βουλγαρίαν.
ΑΘΡΟΑΙ ΚΛΟΠΑΙ ΕΙΣ ΤΟ ΠΑΝΕΠΙΣΤΗΜΙΟΝ ΤΟΥ ΓΑΪΗΛ
ΝΙΟΥ ΧΕΪΒΕΝ, 5. (Ρόιτερ). Άγνωστοι διέρρηξαν τά γραφεία τοῦ Πανεπιστημίου καί άφήρεσαν χρήματα καί έγγραφα.
ΚΟΙΤΑΣΜΑΤΑ ΠΕΤΡΕΛΑΙΟΥ ΕΙΣ ΑΙΓΥΠΤΟΝ
ΚΑΪΡΟΝ, 5. (Ρόιτερ). Ανεκαλύφθησαν νέα κοιτάσματα πετρελαίου εις την έρημον της Αιγύπτου, ώς ανεκοινώθη επισήμως.
Ο ΥΙΟΣ ΤΗΣ ΜΑΝΣΦΙΛΝΤ ΠΡΟΣΕΒΛΗΘΗ ΕΚ ΜΗΝΙΓΓΙΤΙΔΟΣ
ΧΟΛΛΥΓΟΥΝΤ, 5. (Ρόιτερ). Ο υιός της ηθοποιού Τζέιν Μάνσφιλντ προσεβλήθη εκ μηνιγγίτιδος και νοσηλεύεται εις νοσοκομείον.
ΠΡΩΤΟΦΑΝΗΣ ΕΚΔΙΚΗΣΙΣ ΑΠΟΛΥΘΕΝΤΟΣ ΣΙΔΗΡΟΔΡΟΜΙΚΟΥ
ΧΟΛΟΦΟ, 5. (Ρόιτερ). Η έπισήμως άπολυθείς σιδηροδρομικός υπάλληλος προεκάλεσε τον εκτροχιασμόν αμαξοστοιχίας.
ΤΡΕΙΣ ΕΞΕΛΑΒΟΝ ΕΙΣ ΣΚΟΠΟΒΟΛΗΝ ΑΠΟ ΚΩΔΩΝΟΣΤΑΣΙΟΝ
ΤΟΥΡΙΝΟΝ, 5. (Ρόιτερ). Είς άνδρας ανήλθεν εις κωδωνοστάσιον και ήρχισε να πυροβολή κατά των διαβατών.
ΤΟ «ΝΑΥΣΙΠΟΡΟΣ» ΕΛΕΗΛΑΤΗΘΗ ΕΙΣ ΤΟ ΛΙΒΕΡΠΟΥΛ
ΛΙΒΕΡΠΟΥΛ, 5. (Ρόιτερ). Το ελληνικόν φορτηγόν «Ναυσίπορος» ελεηλατήθη υπό αγνώστων ενώ ευρίσκετο ελλιμενισμένον.
Η ΙΟΡΔΑΝΙΑ ΜΕΤΕΧΕΙ ΤΗΣ ΔΙΑΣΚΕΨΕΩΣ ΤΟΥ ΚΑΪΡΟΥ
ΑΜΜΑΝ, 5. (Ρόιτερ). Η Ιορδανία ανεκοίνωσεν ότι θα μετάσχη της διασκέψεως των αραβικών κρατών εις Κάιρον.
ΓΑΛΛΟΣ ΑΠΑΤΕΩΝ ΚΑΤΑΣΤΗΤΕΙΑΙ ΕΙΣ ΑΘΗΝΑΣ
ΠΕΙΡΑΙΕΥΣ, 5. Η γαλλική αστυνομία ζητεί την έκδοσιν Γάλλου απατεώνος, ο οποίος συνελήφθη εις Αθήνας.
ΕΙΣΔΟΓΕΥΕ 300 ΔΡΑΧ. ΚΑΙ ΚΑΤΗΓΕΙΛΕΝ ΕΜ ΕΠΙΤΕΥΞΥΝ
ΑΘΗΝΑΙ, 5. Κατηγορήθη υπάλληλος ότι εισέπραξε 300 δραχμάς και δεν απέδωσε το ποσόν εις την υπηρεσίαν.
ΕΚΘΕΣΙΣ ΗΛΕΚΤΡΟΝΙΚΩΝ ΑΟΓΙΣΤΙΚΩΝ ΜΗΧΑΝΩΝ
ΑΘΗΝΑΙ, 5. Εγκαινιάσθη έκθεσις ηλεκτρονικών λογιστικών μηχανών εις την αίθουσαν του Ζαππείου.
